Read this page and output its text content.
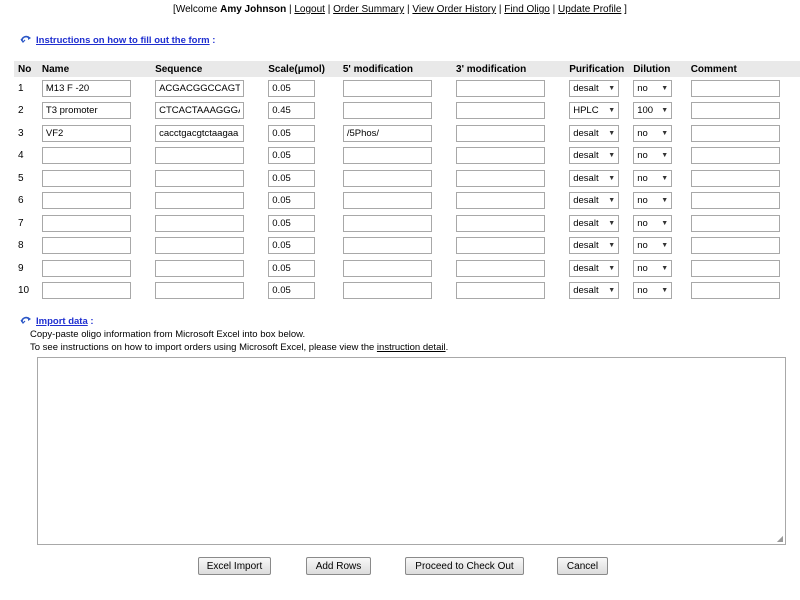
[Welcome Amy Johnson | Logout | Order Summary | View Order History | Find Oligo | Update Profile ]
Instructions on how to fill out the form :
No	Name	Sequence	Scale(μmol)	5' modification	3' modification	Purification	Dilution	Comment
1	M13 F -20	ACGACGGCCAGT	0.05			desalt ▼	no ▼

2	T3 promoter	CTCACTAAAGGGA	0.45			HPLC ▼	100 ▼

3	VF2	cacctgacgtctaagaa	0.05	/5Phos/		desalt ▼	no ▼

4			0.05			desalt ▼	no ▼

5			0.05			desalt ▼	no ▼

6			0.05			desalt ▼	no ▼

7			0.05			desalt ▼	no ▼

8			0.05			desalt ▼	no ▼

9			0.05			desalt ▼	no ▼

10			0.05			desalt ▼	no ▼

Import data :
Copy-paste oligo information from Microsoft Excel into box below.
To see instructions on how to import orders using Microsoft Excel, please view the instruction detail.
◢
Excel Import	Add Rows	Proceed to Check Out	Cancel
